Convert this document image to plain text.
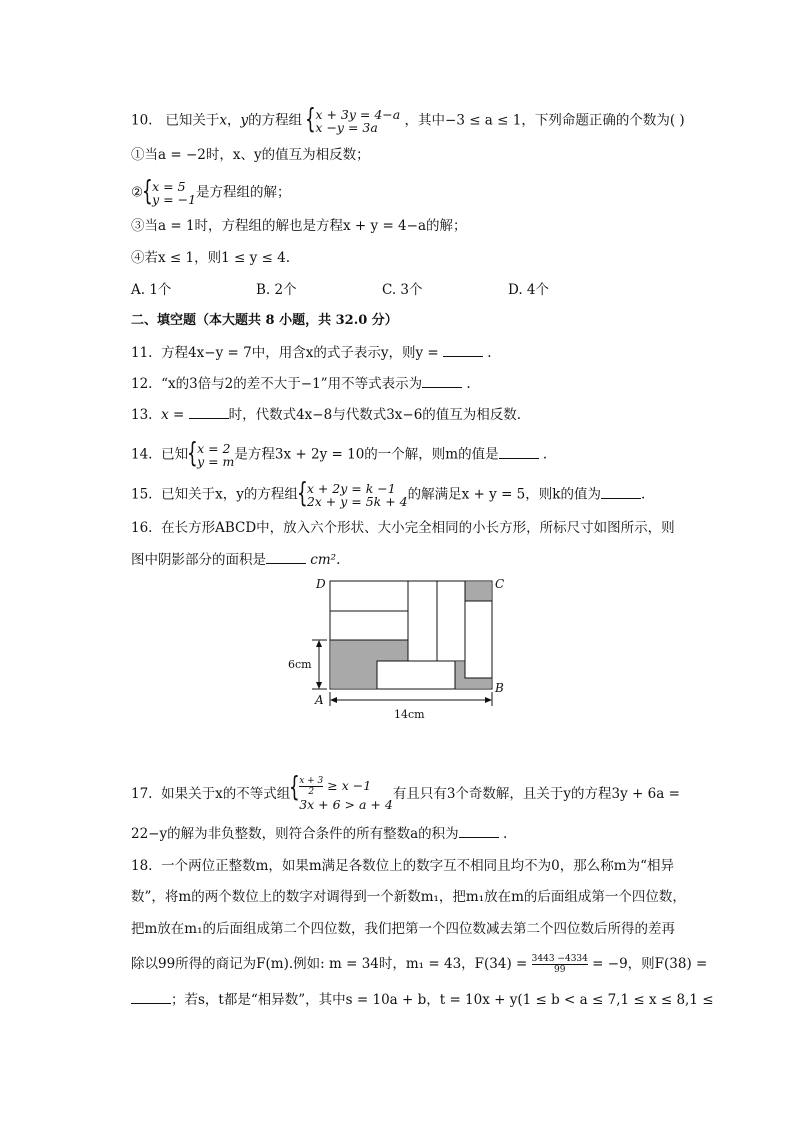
10. 已知关于x，y的方程组 { x + 3y = 4−a
x −y = 3a	，其中−3 ≤ a ≤ 1，下列命题正确的个数为( )
①当a = −2时，x、y的值互为相反数；
② { x = 5
y = −1 是方程组的解；
③当a = 1时，方程组的解也是方程x + y = 4−a的解；
④若x ≤ 1，则1 ≤ y ≤ 4.
A. 1个	B. 2个	C. 3个	D. 4个
二、填空题（本大题共 8 小题，共 32.0 分）
11. 方程4x−y = 7中，用含x的式子表示y，则y =	.
12. “x的3倍与2的差不大于−1”用不等式表示为	.
13. x =	时，代数式4x−8与代数式3x−6的值互为相反数.
14. 已知 { x = 2
y = m 是方程3x + 2y = 10的一个解，则m的值是	.
15. 已知关于x，y的方程组 { x + 2y = k −1
2x + y = 5k + 4 的解满足x + y = 5，则k的值为	.
16. 在长方形ABCD中，放入六个形状、大小完全相同的小长方形，所标尺寸如图所示，则
图中阴影部分的面积是	cm².
D	C
A
B
6cm
14cm
17. 如果关于x的不等式组 { $\frac{x + 3}{2} \ge x -1$
3x + 6 > a + 4
有且只有3个奇数解，且关于y的方程3y + 6a =
22−y的解为非负整数，则符合条件的所有整数a的积为	.
18. 一个两位正整数m，如果m满足各数位上的数字互不相同且均不为0，那么称m为“相异
数”，将m的两个数位上的数字对调得到一个新数m₁，把m₁放在m的后面组成第一个四位数，
把m放在m₁的后面组成第二个四位数，我们把第一个四位数减去第二个四位数后所得的差再
除以99所得的商记为F(m).例如: m = 34时，m₁ = 43，$F(34) = \frac{3443 -4334}{99} = -9$，则F(38) =
；若s，t都是“相异数”，其中s = 10a + b，t = 10x + y(1 ≤ b < a ≤ 7,1 ≤ x ≤ 8,1 ≤
